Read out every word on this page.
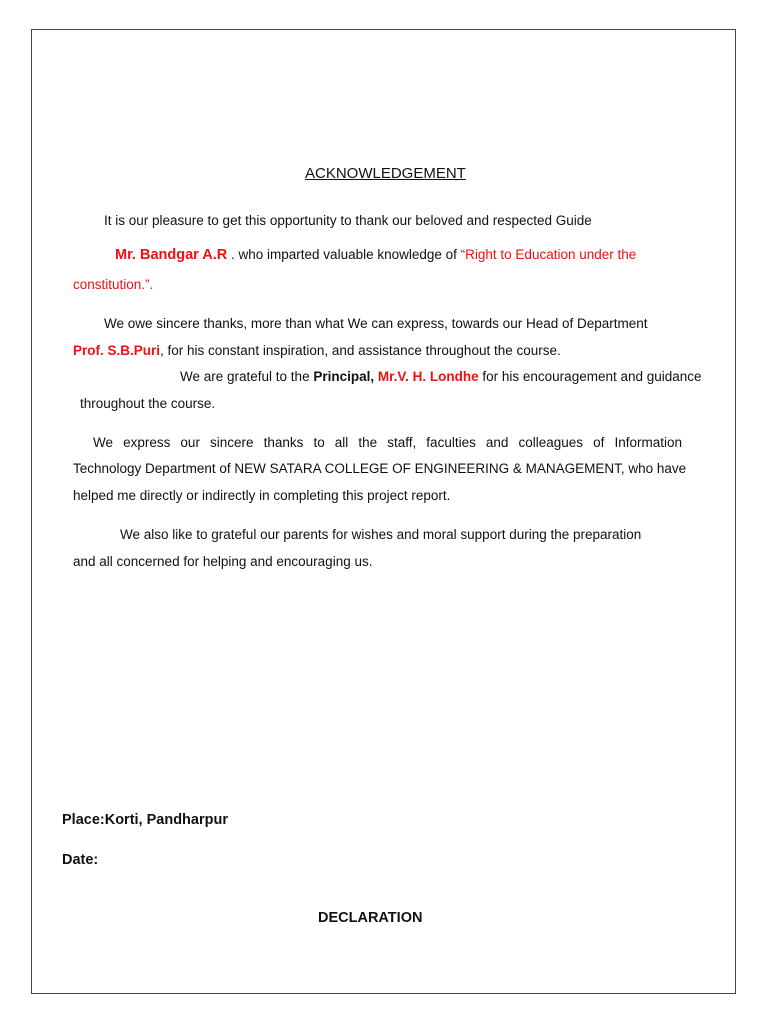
ACKNOWLEDGEMENT
It is our pleasure to get this opportunity to thank our beloved and respected Guide
Mr. Bandgar A.R . who imparted valuable knowledge of “Right to Education under the
constitution.”.
We owe sincere thanks, more than what We can express, towards our Head of Department
Prof. S.B.Puri, for his constant inspiration, and assistance throughout the course.
We are grateful to the Principal, Mr.V. H. Londhe for his encouragement and guidance
throughout the course.
We express our sincere thanks to all the staff, faculties and colleagues of Information
Technology Department of NEW SATARA COLLEGE OF ENGINEERING & MANAGEMENT, who have
helped me directly or indirectly in completing this project report.
We also like to grateful our parents for wishes and moral support during the preparation
and all concerned for helping and encouraging us.
Place:Korti, Pandharpur
Date:
DECLARATION
